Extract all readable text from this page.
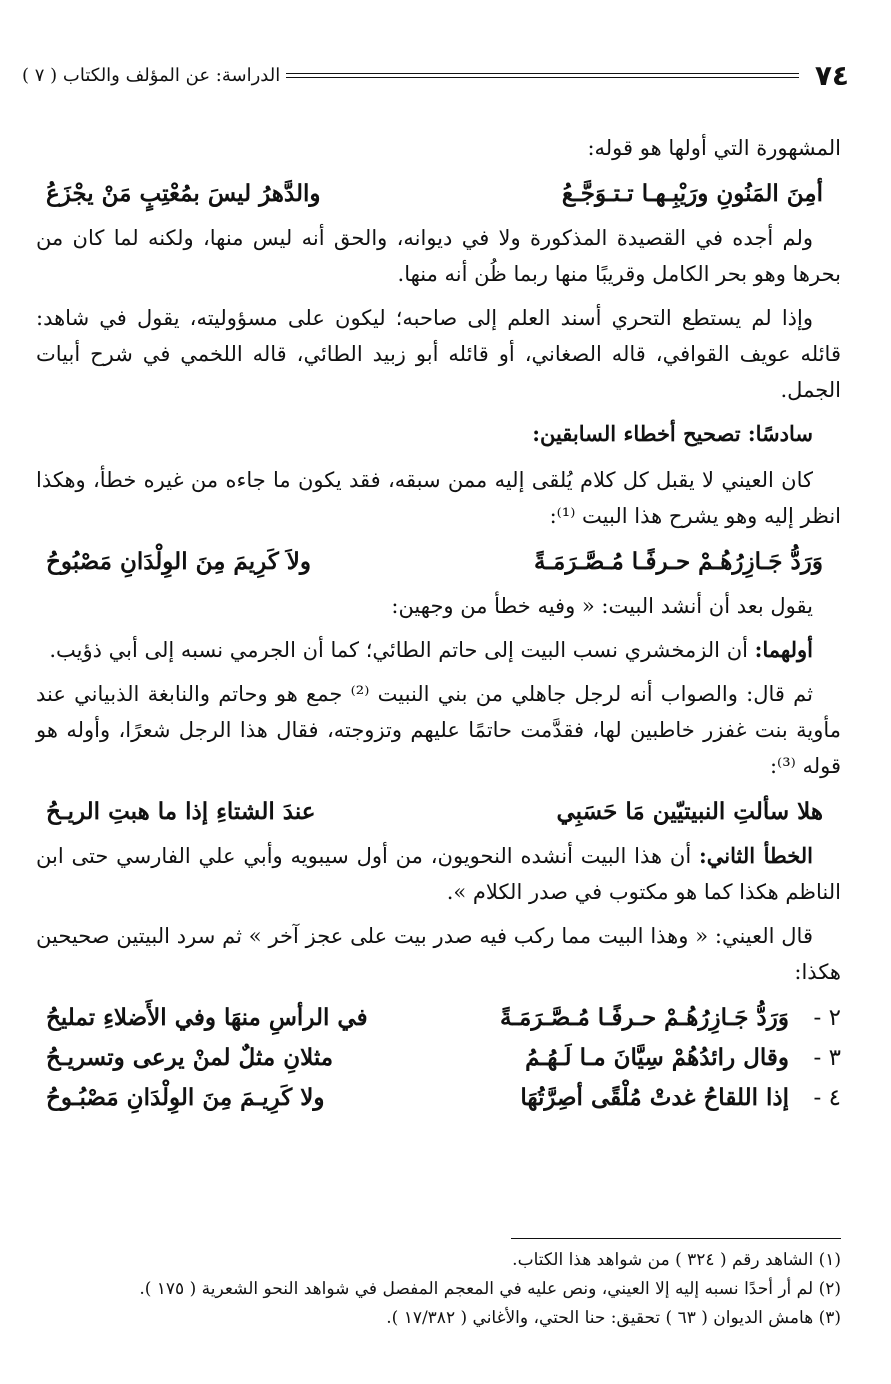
٧٤
الدراسة: عن المؤلف والكتاب ( ٧ )

المشهورة التي أولها هو قوله:

أمِنَ المَنُونِ ورَيْبِـهـا تـتـوَجَّـعُ
والدَّهرُ ليسَ بمُعْتِبٍ مَنْ يجْزَعُ

ولم أجده في القصيدة المذكورة ولا في ديوانه، والحق أنه ليس منها، ولكنه لما كان من بحرها وهو بحر الكامل وقريبًا منها ربما ظُن أنه منها.

وإذا لم يستطع التحري أسند العلم إلى صاحبه؛ ليكون على مسؤوليته، يقول في شاهد: قائله عويف القوافي، قاله الصغاني، أو قائله أبو زبيد الطائي، قاله اللخمي في شرح أبيات الجمل.

سادسًا: تصحيح أخطاء السابقين:

كان العيني لا يقبل كل كلام يُلقى إليه ممن سبقه، فقد يكون ما جاءه من غيره خطأ، وهكذا انظر إليه وهو يشرح هذا البيت ⁽¹⁾:

وَرَدُّ جَـازِرُهُـمْ حـرفًـا مُـصَّـرَمَـةً
ولاَ كَرِيمَ مِنَ الوِلْدَانِ مَصْبُوحُ

يقول بعد أن أنشد البيت: « وفيه خطأ من وجهين:

أولهما: أن الزمخشري نسب البيت إلى حاتم الطائي؛ كما أن الجرمي نسبه إلى أبي ذؤيب.

ثم قال: والصواب أنه لرجل جاهلي من بني النبيت ⁽²⁾ جمع هو وحاتم والنابغة الذبياني عند مأوية بنت غفزر خاطبين لها، فقدَّمت حاتمًا عليهم وتزوجته، فقال هذا الرجل شعرًا، وأوله هو قوله ⁽³⁾:

هلا سألتِ النبيتيّين مَا حَسَبِي
عندَ الشتاءِ إذا ما هبتِ الريـحُ

الخطأ الثاني: أن هذا البيت أنشده النحويون، من أول سيبويه وأبي علي الفارسي حتى ابن الناظم هكذا كما هو مكتوب في صدر الكلام ».

قال العيني: « وهذا البيت مما ركب فيه صدر بيت على عجز آخر » ثم سرد البيتين صحيحين هكذا:

٢ -
وَرَدُّ جَـازِرُهُـمْ حـرفًـا مُـصَّـرَمَـةً
في الرأسِ منهَا وفي الأَضلاءِ تمليحُ
٣ -
وقال رائدُهُمْ سِيَّانَ مـا لَـهُـمُ
مثلانِ مثلٌ لمنْ يرعى وتسريـحُ
٤ -
إذا اللقاحُ غدتْ مُلْقًى أصِرَّتُهَا
ولا كَرِيـمَ مِنَ الوِلْدَانِ مَصْبُـوحُ
(١) الشاهد رقم ( ٣٢٤ ) من شواهد هذا الكتاب.
(٢) لم أر أحدًا نسبه إليه إلا العيني، ونص عليه في المعجم المفصل في شواهد النحو الشعرية ( ١٧٥ ).
(٣) هامش الديوان ( ٦٣ ) تحقيق: حنا الحتي، والأغاني ( ١٧/٣٨٢ ).
